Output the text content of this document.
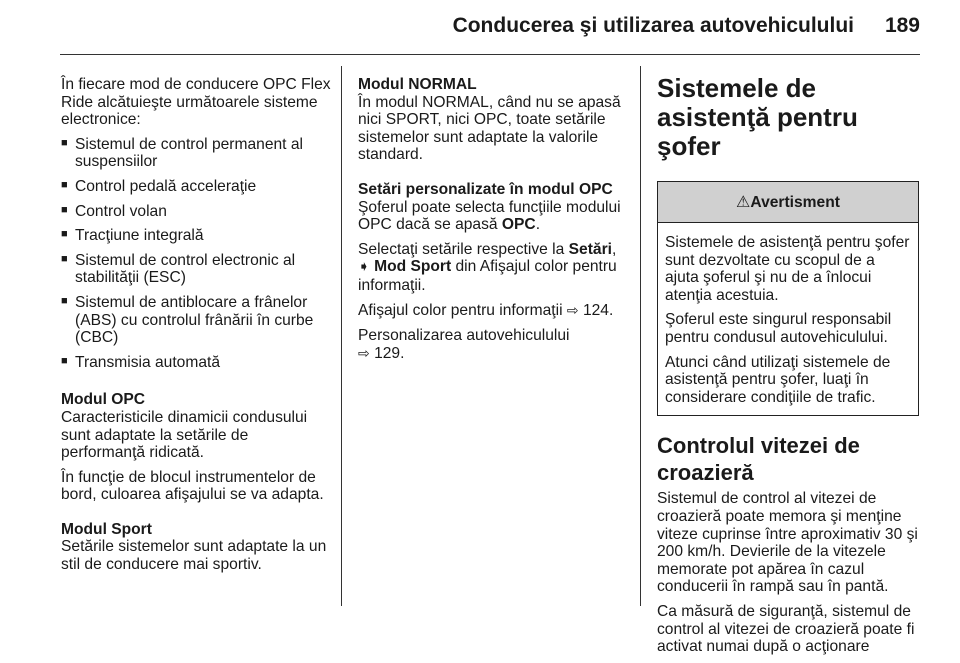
Conducerea şi utilizarea autovehiculului 189

În fiecare mod de conducere OPC Flex Ride alcătuieşte următoarele sisteme electronice:

■ Sistemul de control permanent al suspensiilor
■ Control pedală acceleraţie
■ Control volan
■ Tracţiune integrală
■ Sistemul de control electronic al stabilităţii (ESC)
■ Sistemul de antiblocare a frânelor (ABS) cu controlul frânării în curbe (CBC)
■ Transmisia automată
Modul OPC

Caracteristicile dinamicii condusului sunt adaptate la setările de performanţă ridicată.

În funcţie de blocul instrumentelor de bord, culoarea afişajului se va adapta.

Modul Sport

Setările sistemelor sunt adaptate la un stil de conducere mai sportiv.

Modul NORMAL

În modul NORMAL, când nu se apasă nici SPORT, nici OPC, toate setările sistemelor sunt adaptate la valorile standard.

Setări personalizate în modul OPC

Şoferul poate selecta funcţiile modului OPC dacă se apasă OPC.

Selectaţi setările respective la Setări,
➧ Mod Sport din Afişajul color pentru informaţii.

Afişajul color pentru informaţii ⇨ 124.

Personalizarea autovehiculului
⇨ 129.

Sistemele de asistenţă pentru şofer
⚠Avertisment

Sistemele de asistenţă pentru şofer sunt dezvoltate cu scopul de a ajuta şoferul şi nu de a înlocui atenţia acestuia.

Şoferul este singurul responsabil pentru condusul autovehiculului.

Atunci când utilizaţi sistemele de asistenţă pentru şofer, luaţi în considerare condiţiile de trafic.

Controlul vitezei de croazieră

Sistemul de control al vitezei de croazieră poate memora şi menţine viteze cuprinse între aproximativ 30 şi 200 km/h. Devierile de la vitezele memorate pot apărea în cazul conducerii în rampă sau în pantă.

Ca măsură de siguranţă, sistemul de control al vitezei de croazieră poate fi activat numai după o acţionare
